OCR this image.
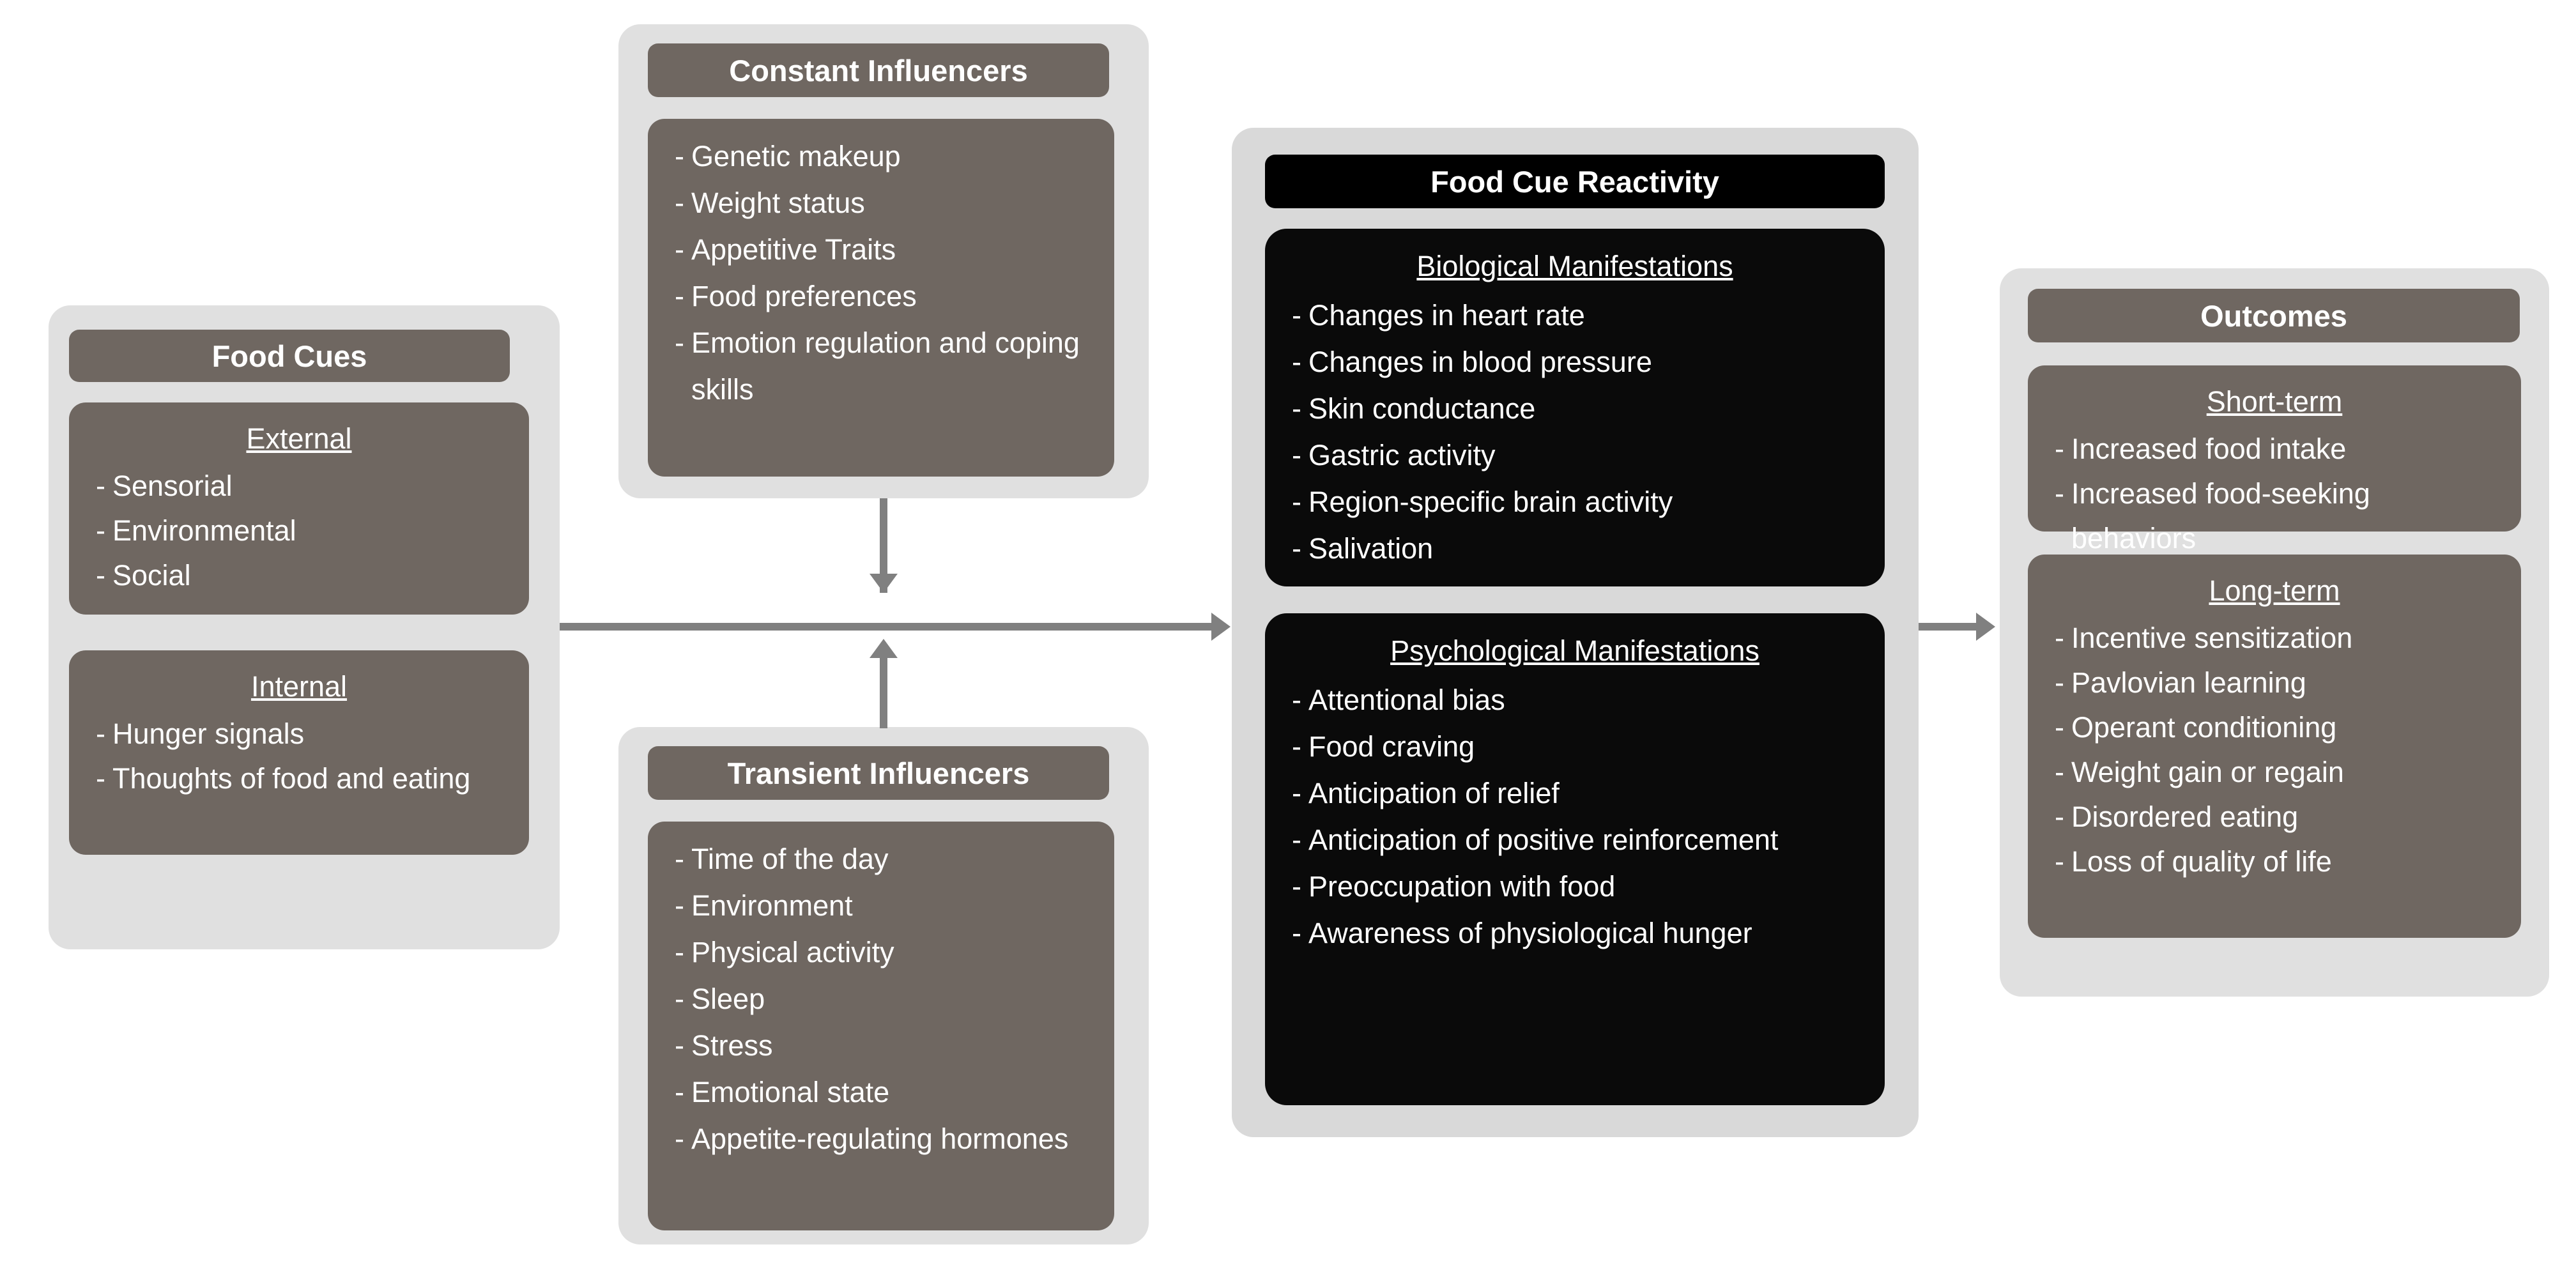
Food Cues
External
- Sensorial
- Environmental
- Social
Internal
- Hunger signals
- Thoughts of food and eating
Constant Influencers
- Genetic makeup
- Weight status
- Appetitive Traits
- Food preferences
- Emotion regulation and coping skills
Transient Influencers
- Time of the day
- Environment
- Physical activity
- Sleep
- Stress
- Emotional state
- Appetite-regulating hormones
Food Cue Reactivity
Biological Manifestations
- Changes in heart rate
- Changes in blood pressure
- Skin conductance
- Gastric activity
- Region-specific brain activity
- Salivation
Psychological Manifestations
- Attentional bias
- Food craving
- Anticipation of relief
- Anticipation of positive reinforcement
- Preoccupation with food
- Awareness of physiological hunger
Outcomes
Short-term
- Increased food intake
- Increased food-seeking behaviors
Long-term
- Incentive sensitization
- Pavlovian learning
- Operant conditioning
- Weight gain or regain
- Disordered eating
- Loss of quality of life
